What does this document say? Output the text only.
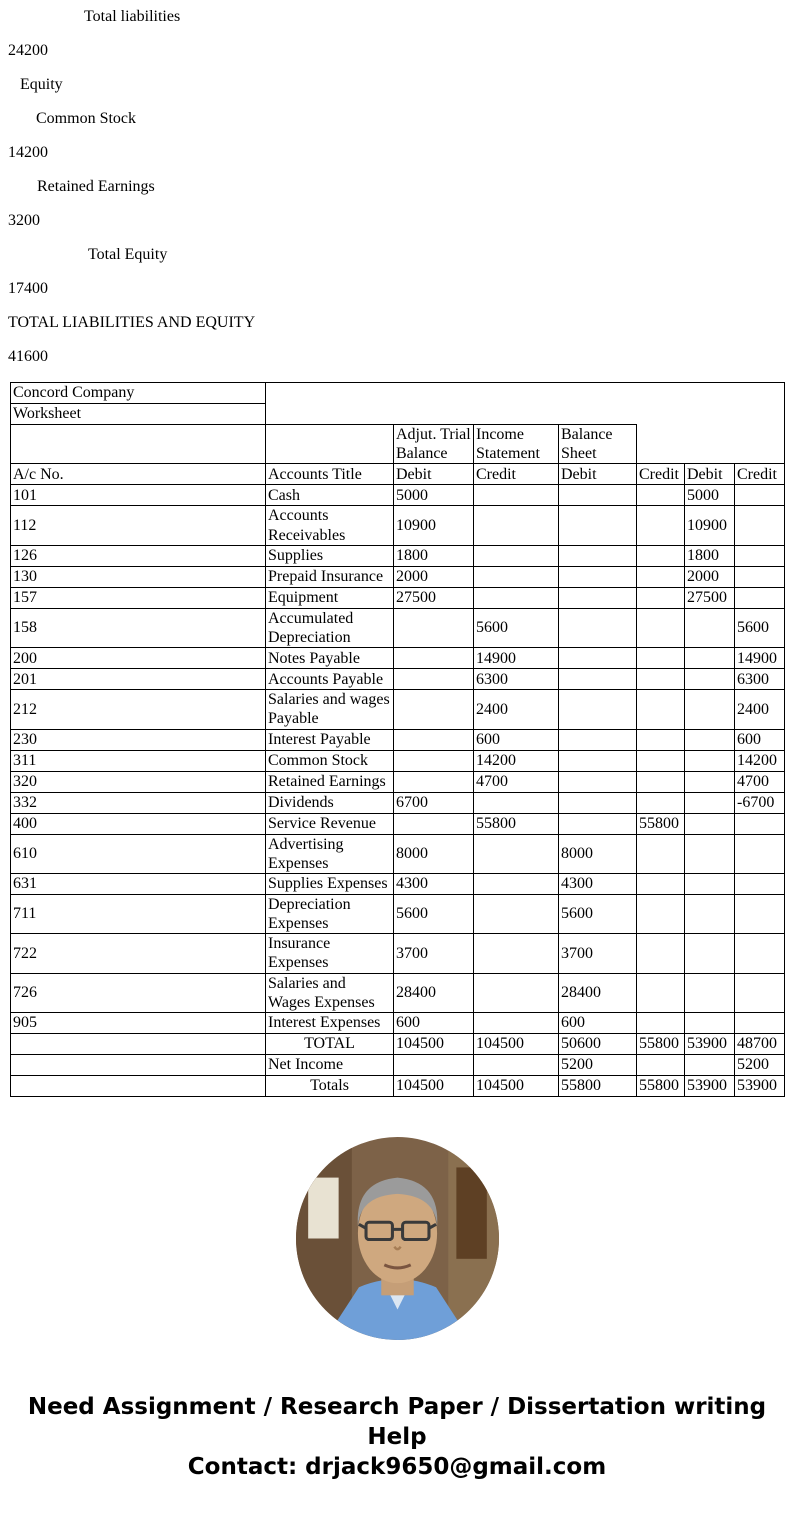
Total liabilities
24200
Equity
Common Stock
14200
Retained Earnings
3200
Total Equity
17400
TOTAL LIABILITIES AND EQUITY
41600
Concord Company							
Worksheet							
		Adjut. Trial Balance	Income Statement	Balance Sheet			
A/c No.	Accounts Title	Debit	Credit	Debit	Credit	Debit	Credit
101	Cash	5000				5000	
112	Accounts Receivables	10900				10900	
126	Supplies	1800				1800	
130	Prepaid Insurance	2000				2000	
157	Equipment	27500				27500	
158	Accumulated Depreciation		5600				5600
200	Notes Payable		14900				14900
201	Accounts Payable		6300				6300
212	Salaries and wages Payable		2400				2400
230	Interest Payable		600				600
311	Common Stock		14200				14200
320	Retained Earnings		4700				4700
332	Dividends	6700					-6700
400	Service Revenue		55800		55800		
610	Advertising Expenses	8000		8000			
631	Supplies Expenses	4300		4300			
711	Depreciation Expenses	5600		5600			
722	Insurance Expenses	3700		3700			
726	Salaries and Wages Expenses	28400		28400			
905	Interest Expenses	600		600			
	TOTAL	104500	104500	50600	55800	53900	48700
	Net Income			5200			5200
	Totals	104500	104500	55800	55800	53900	53900
Need Assignment / Research Paper / Dissertation writing Help
Contact: drjack9650@gmail.com
